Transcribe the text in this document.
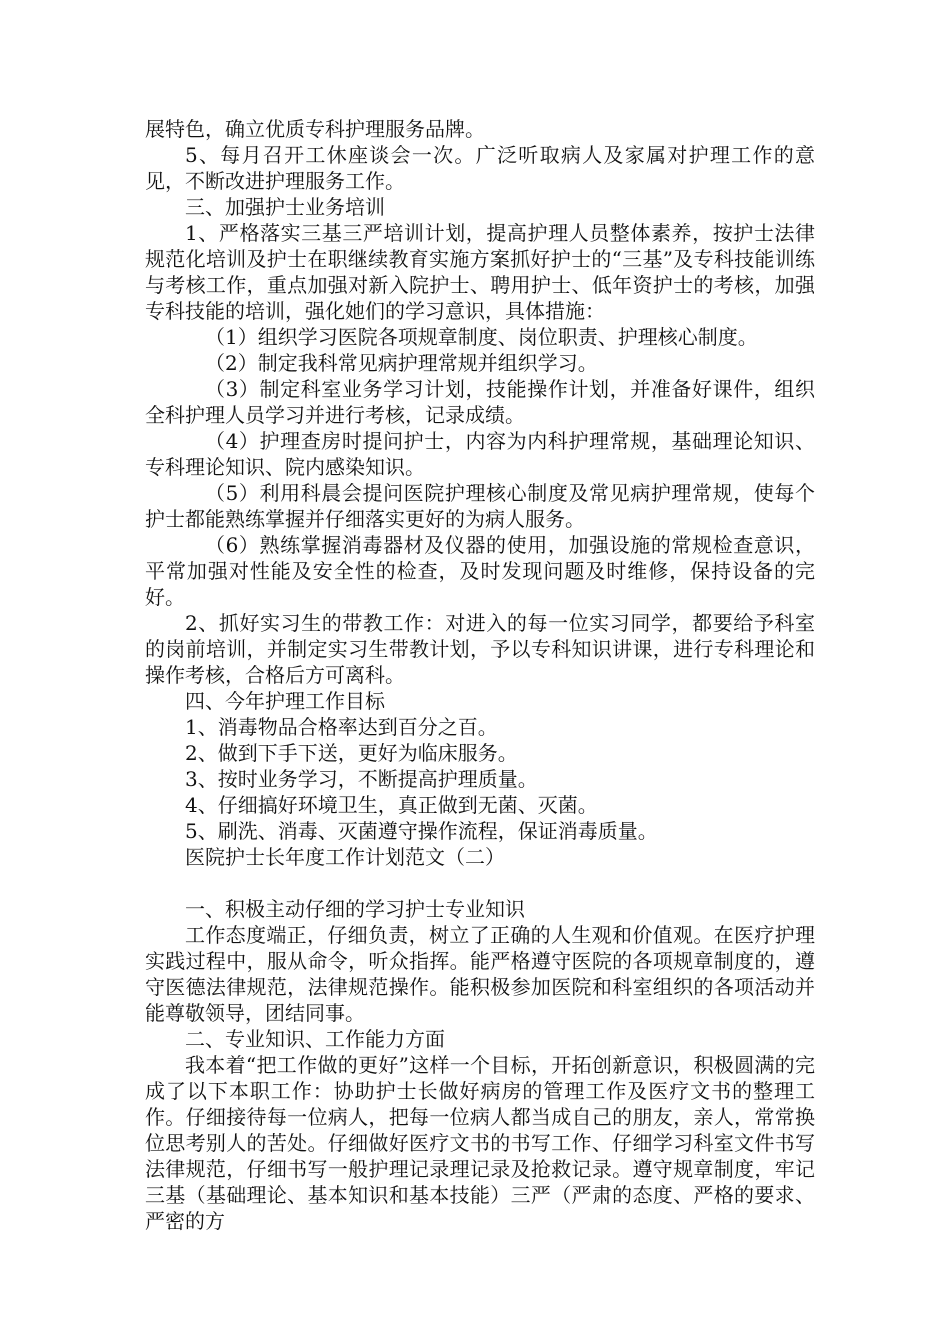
展特色，确立优质专科护理服务品牌。

5、每月召开工休座谈会一次。广泛听取病人及家属对护理工作的意见，不断改进护理服务工作。

三、加强护士业务培训

1、严格落实三基三严培训计划，提高护理人员整体素养，按护士法律规范化培训及护士在职继续教育实施方案抓好护士的“三基”及专科技能训练与考核工作，重点加强对新入院护士、聘用护士、低年资护士的考核，加强专科技能的培训，强化她们的学习意识，具体措施：

（1）组织学习医院各项规章制度、岗位职责、护理核心制度。

（2）制定我科常见病护理常规并组织学习。

（3）制定科室业务学习计划，技能操作计划，并准备好课件，组织全科护理人员学习并进行考核，记录成绩。

（4）护理查房时提问护士，内容为内科护理常规，基础理论知识、专科理论知识、院内感染知识。

（5）利用科晨会提问医院护理核心制度及常见病护理常规，使每个护士都能熟练掌握并仔细落实更好的为病人服务。

（6）熟练掌握消毒器材及仪器的使用，加强设施的常规检查意识，平常加强对性能及安全性的检查，及时发现问题及时维修，保持设备的完好。

2、抓好实习生的带教工作：对进入的每一位实习同学，都要给予科室的岗前培训，并制定实习生带教计划，予以专科知识讲课，进行专科理论和操作考核，合格后方可离科。

四、今年护理工作目标

1、消毒物品合格率达到百分之百。

2、做到下手下送，更好为临床服务。

3、按时业务学习，不断提高护理质量。

4、仔细搞好环境卫生，真正做到无菌、灭菌。

5、刷洗、消毒、灭菌遵守操作流程，保证消毒质量。

医院护士长年度工作计划范文（二）

一、积极主动仔细的学习护士专业知识

工作态度端正，仔细负责，树立了正确的人生观和价值观。在医疗护理实践过程中，服从命令，听众指挥。能严格遵守医院的各项规章制度的，遵守医德法律规范，法律规范操作。能积极参加医院和科室组织的各项活动并能尊敬领导，团结同事。

二、专业知识、工作能力方面

我本着“把工作做的更好”这样一个目标，开拓创新意识，积极圆满的完成了以下本职工作：协助护士长做好病房的管理工作及医疗文书的整理工作。仔细接待每一位病人，把每一位病人都当成自己的朋友，亲人，常常换位思考别人的苦处。仔细做好医疗文书的书写工作、仔细学习科室文件书写法律规范，仔细书写一般护理记录理记录及抢救记录。遵守规章制度，牢记三基（基础理论、基本知识和基本技能）三严（严肃的态度、严格的要求、严密的方
